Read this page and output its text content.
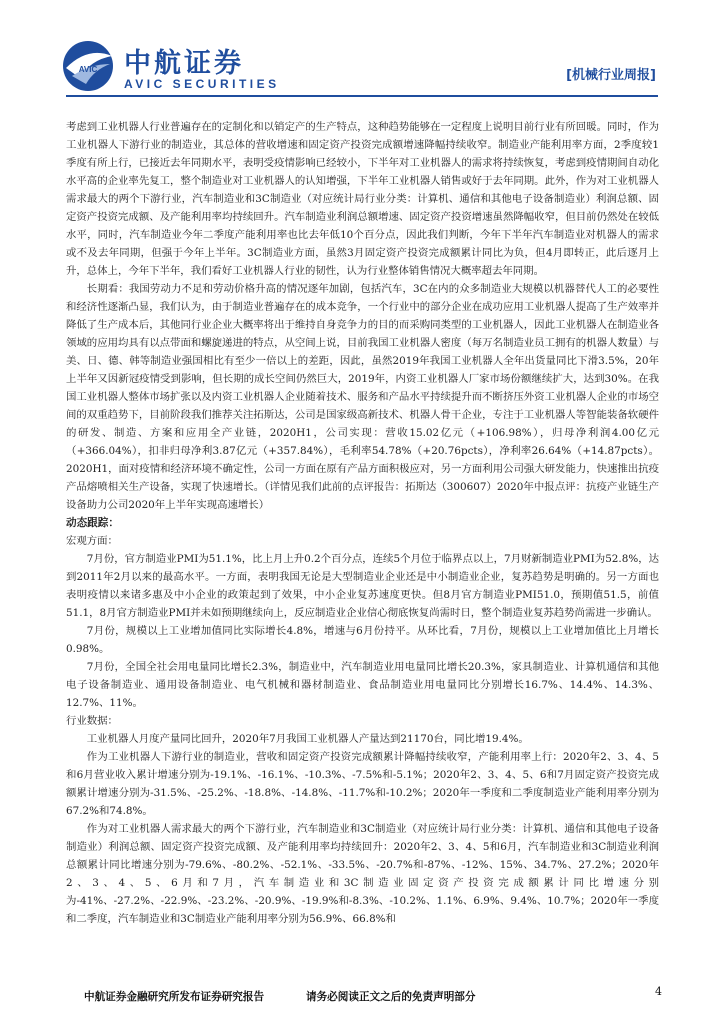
AVIC 中航证券
AVIC SECURITIES
[机械行业周报]

考虑到工业机器人行业普遍存在的定制化和以销定产的生产特点，这种趋势能够在一定程度上说明目前行业有所回暖。同时，作为工业机器人下游行业的制造业，其总体的营收增速和固定资产投资完成额增速降幅持续收窄。制造业产能利用率方面，2季度较1季度有所上行，已接近去年同期水平，表明受疫情影响已经较小，下半年对工业机器人的需求将持续恢复，考虑到疫情期间自动化水平高的企业率先复工，整个制造业对工业机器人的认知增强，下半年工业机器人销售或好于去年同期。此外，作为对工业机器人需求最大的两个下游行业，汽车制造业和3C制造业（对应统计局行业分类：计算机、通信和其他电子设备制造业）利润总额、固定资产投资完成额、及产能利用率均持续回升。汽车制造业利润总额增速、固定资产投资增速虽然降幅收窄，但目前仍然处在较低水平，同时，汽车制造业今年二季度产能利用率也比去年低10个百分点，因此我们判断，今年下半年汽车制造业对机器人的需求或不及去年同期，但强于今年上半年。3C制造业方面，虽然3月固定资产投资完成额累计同比为负，但4月即转正，此后逐月上升，总体上，今年下半年，我们看好工业机器人行业的韧性，认为行业整体销售情况大概率超去年同期。

长期看：我国劳动力不足和劳动价格升高的情况逐年加剧，包括汽车，3C在内的众多制造业大规模以机器替代人工的必要性和经济性逐渐凸显，我们认为，由于制造业普遍存在的成本竞争，一个行业中的部分企业在成功应用工业机器人提高了生产效率并降低了生产成本后，其他同行业企业大概率将出于维持自身竞争力的目的而采购同类型的工业机器人，因此工业机器人在制造业各领域的应用均具有以点带面和螺旋递进的特点，从空间上说，目前我国工业机器人密度（每万名制造业员工拥有的机器人数量）与美、日、德、韩等制造业强国相比有至少一倍以上的差距，因此，虽然2019年我国工业机器人全年出货量同比下滑3.5%，20年上半年又因新冠疫情受到影响，但长期的成长空间仍然巨大，2019年，内资工业机器人厂家市场份额继续扩大，达到30%。在我国工业机器人整体市场扩张以及内资工业机器人企业随着技术、服务和产品水平持续提升而不断挤压外资工业机器人企业的市场空间的双重趋势下，目前阶段我们推荐关注拓斯达，公司是国家级高新技术、机器人骨干企业，专注于工业机器人等智能装备软硬件的研发、制造、方案和应用全产业链，2020H1，公司实现：营收15.02亿元（+106.98%），归母净利润4.00亿元（+366.04%），扣非归母净利3.87亿元（+357.84%），毛利率54.78%（+20.76pcts），净利率26.64%（+14.87pcts）。2020H1，面对疫情和经济环境不确定性，公司一方面在原有产品方面积极应对，另一方面利用公司强大研发能力，快速推出抗疫产品熔喷相关生产设备，实现了快速增长。（详情见我们此前的点评报告：拓斯达（300607）2020年中报点评：抗疫产业链生产设备助力公司2020年上半年实现高速增长）

动态跟踪：

宏观方面：

7月份，官方制造业PMI为51.1%，比上月上升0.2个百分点，连续5个月位于临界点以上，7月财新制造业PMI为52.8%，达到2011年2月以来的最高水平。一方面，表明我国无论是大型制造业企业还是中小制造业企业，复苏趋势是明确的。另一方面也表明疫情以来诸多惠及中小企业的政策起到了效果，中小企业复苏速度更快。但8月官方制造业PMI51.0，预期值51.5，前值51.1，8月官方制造业PMI并未如预期继续向上，反应制造业企业信心彻底恢复尚需时日，整个制造业复苏趋势尚需进一步确认。

7月份，规模以上工业增加值同比实际增长4.8%，增速与6月份持平。从环比看，7月份，规模以上工业增加值比上月增长0.98%。

7月份，全国全社会用电量同比增长2.3%，制造业中，汽车制造业用电量同比增长20.3%，家具制造业、计算机通信和其他电子设备制造业、通用设备制造业、电气机械和器材制造业、食品制造业用电量同比分别增长16.7%、14.4%、14.3%、12.7%、11%。

行业数据：

工业机器人月度产量同比回升，2020年7月我国工业机器人产量达到21170台，同比增19.4%。

作为工业机器人下游行业的制造业，营收和固定资产投资完成额累计降幅持续收窄，产能利用率上行：2020年2、3、4、5和6月营业收入累计增速分别为-19.1%、-16.1%、-10.3%、-7.5%和-5.1%；2020年2、3、4、5、6和7月固定资产投资完成额累计增速分别为-31.5%、-25.2%、-18.8%、-14.8%、-11.7%和-10.2%；2020年一季度和二季度制造业产能利用率分别为67.2%和74.8%。

作为对工业机器人需求最大的两个下游行业，汽车制造业和3C制造业（对应统计局行业分类：计算机、通信和其他电子设备制造业）利润总额、固定资产投资完成额、及产能利用率均持续回升：2020年2、3、4、5和6月，汽车制造业和3C制造业利润总额累计同比增速分别为-79.6%、-80.2%、-52.1%、-33.5%、-20.7%和-87%、-12%、15%、34.7%、27.2%；2020年2、3、4、5、6月和7月，汽车制造业和3C制造业固定资产投资完成额累计同比增速分别为-41%、-27.2%、-22.9%、-23.2%、-20.9%、-19.9%和-8.3%、-10.2%、1.1%、6.9%、9.4%、10.7%；2020年一季度和二季度，汽车制造业和3C制造业产能利用率分别为56.9%、66.8%和

中航证券金融研究所发布证券研究报告	请务必阅读正文之后的免责声明部分	4
